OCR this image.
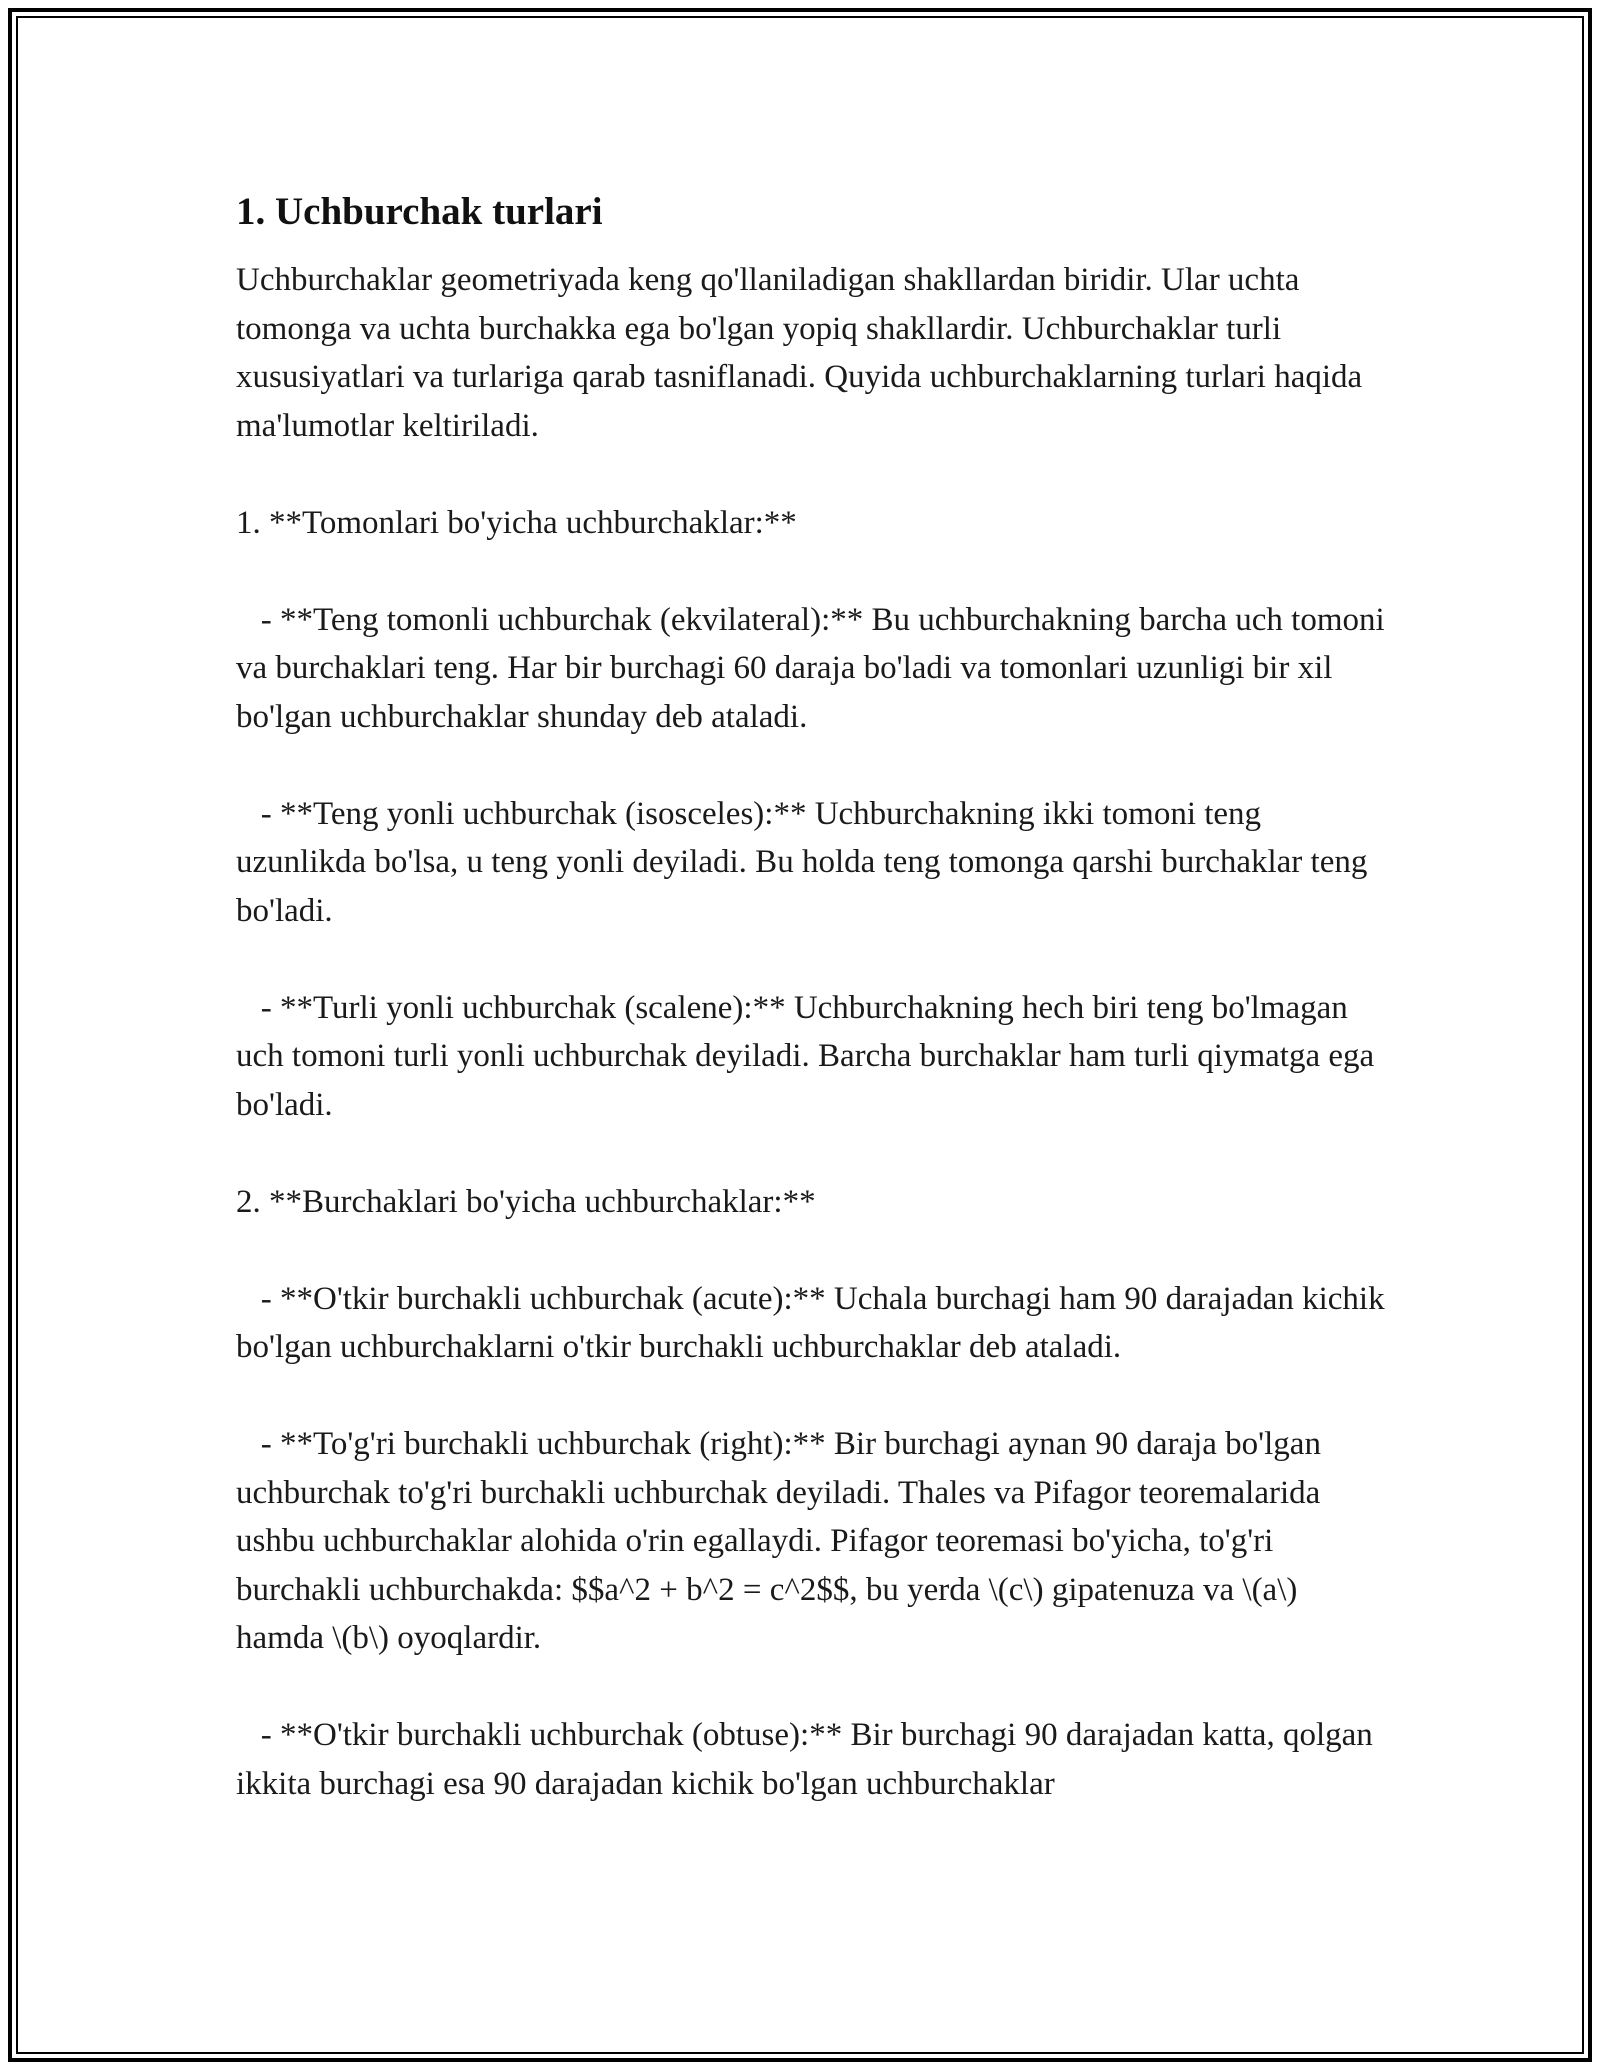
1. Uchburchak turlari

Uchburchaklar geometriyada keng qo'llaniladigan shakllardan biridir. Ular uchta tomonga va uchta burchakka ega bo'lgan yopiq shakllardir. Uchburchaklar turli xususiyatlari va turlariga qarab tasniflanadi. Quyida uchburchaklarning turlari haqida ma'lumotlar keltiriladi.

1. **Tomonlari bo'yicha uchburchaklar:**

- **Teng tomonli uchburchak (ekvilateral):** Bu uchburchakning barcha uch tomoni va burchaklari teng. Har bir burchagi 60 daraja bo'ladi va tomonlari uzunligi bir xil bo'lgan uchburchaklar shunday deb ataladi.

- **Teng yonli uchburchak (isosceles):** Uchburchakning ikki tomoni teng uzunlikda bo'lsa, u teng yonli deyiladi. Bu holda teng tomonga qarshi burchaklar teng bo'ladi.

- **Turli yonli uchburchak (scalene):** Uchburchakning hech biri teng bo'lmagan uch tomoni turli yonli uchburchak deyiladi. Barcha burchaklar ham turli qiymatga ega bo'ladi.

2. **Burchaklari bo'yicha uchburchaklar:**

- **O'tkir burchakli uchburchak (acute):** Uchala burchagi ham 90 darajadan kichik bo'lgan uchburchaklarni o'tkir burchakli uchburchaklar deb ataladi.

- **To'g'ri burchakli uchburchak (right):** Bir burchagi aynan 90 daraja bo'lgan uchburchak to'g'ri burchakli uchburchak deyiladi. Thales va Pifagor teoremalarida ushbu uchburchaklar alohida o'rin egallaydi. Pifagor teoremasi bo'yicha, to'g'ri burchakli uchburchakda: $$a^2 + b^2 = c^2$$, bu yerda \(c\) gipatenuza va \(a\) hamda \(b\) oyoqlardir.

- **O'tkir burchakli uchburchak (obtuse):** Bir burchagi 90 darajadan katta, qolgan ikkita burchagi esa 90 darajadan kichik bo'lgan uchburchaklar
